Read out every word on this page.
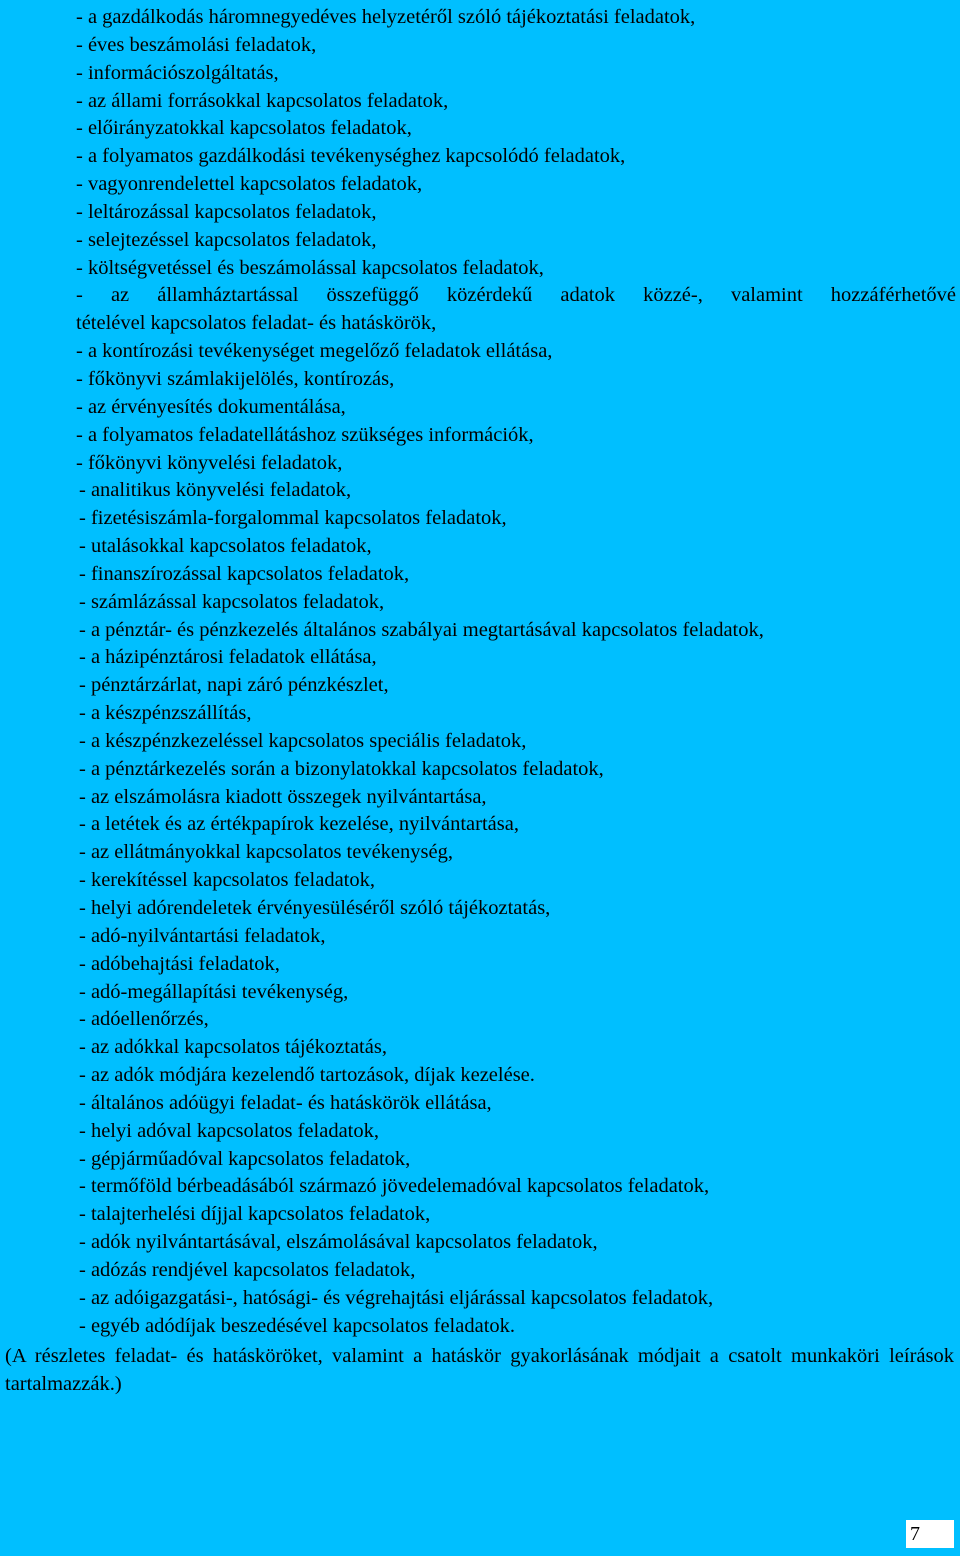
- a gazdálkodás háromnegyedéves helyzetéről szóló tájékoztatási feladatok,
- éves beszámolási feladatok,
- információszolgáltatás,
- az állami forrásokkal kapcsolatos feladatok,
- előirányzatokkal kapcsolatos feladatok,
- a folyamatos gazdálkodási tevékenységhez kapcsolódó feladatok,
- vagyonrendelettel kapcsolatos feladatok,
- leltározással kapcsolatos feladatok,
- selejtezéssel kapcsolatos feladatok,
- költségvetéssel és beszámolással kapcsolatos feladatok,
- az államháztartással összefüggő közérdekű adatok közzé-, valamint hozzáférhetővé
tételével kapcsolatos feladat- és hatáskörök,
- a kontírozási tevékenységet megelőző feladatok ellátása,
- főkönyvi számlakijelölés, kontírozás,
- az érvényesítés dokumentálása,
- a folyamatos feladatellátáshoz szükséges információk,
- főkönyvi könyvelési feladatok,
- analitikus könyvelési feladatok,
- fizetésiszámla-forgalommal kapcsolatos feladatok,
- utalásokkal kapcsolatos feladatok,
- finanszírozással kapcsolatos feladatok,
- számlázással kapcsolatos feladatok,
- a pénztár- és pénzkezelés általános szabályai megtartásával kapcsolatos feladatok,
- a házipénztárosi feladatok ellátása,
- pénztárzárlat, napi záró pénzkészlet,
- a készpénzszállítás,
- a készpénzkezeléssel kapcsolatos speciális feladatok,
- a pénztárkezelés során a bizonylatokkal kapcsolatos feladatok,
- az elszámolásra kiadott összegek nyilvántartása,
- a letétek és az értékpapírok kezelése, nyilvántartása,
- az ellátmányokkal kapcsolatos tevékenység,
- kerekítéssel kapcsolatos feladatok,
- helyi adórendeletek érvényesüléséről szóló tájékoztatás,
- adó-nyilvántartási feladatok,
- adóbehajtási feladatok,
- adó-megállapítási tevékenység,
- adóellenőrzés,
- az adókkal kapcsolatos tájékoztatás,
- az adók módjára kezelendő tartozások, díjak kezelése.
- általános adóügyi feladat- és hatáskörök ellátása,
- helyi adóval kapcsolatos feladatok,
- gépjárműadóval kapcsolatos feladatok,
- termőföld bérbeadásából származó jövedelemadóval kapcsolatos feladatok,
- talajterhelési díjjal kapcsolatos feladatok,
- adók nyilvántartásával, elszámolásával kapcsolatos feladatok,
- adózás rendjével kapcsolatos feladatok,
- az adóigazgatási-, hatósági- és végrehajtási eljárással kapcsolatos feladatok,
- egyéb adódíjak beszedésével kapcsolatos feladatok.

(A részletes feladat- és hatásköröket, valamint a hatáskör gyakorlásának módjait a csatolt munkaköri leírások tartalmazzák.)

7
